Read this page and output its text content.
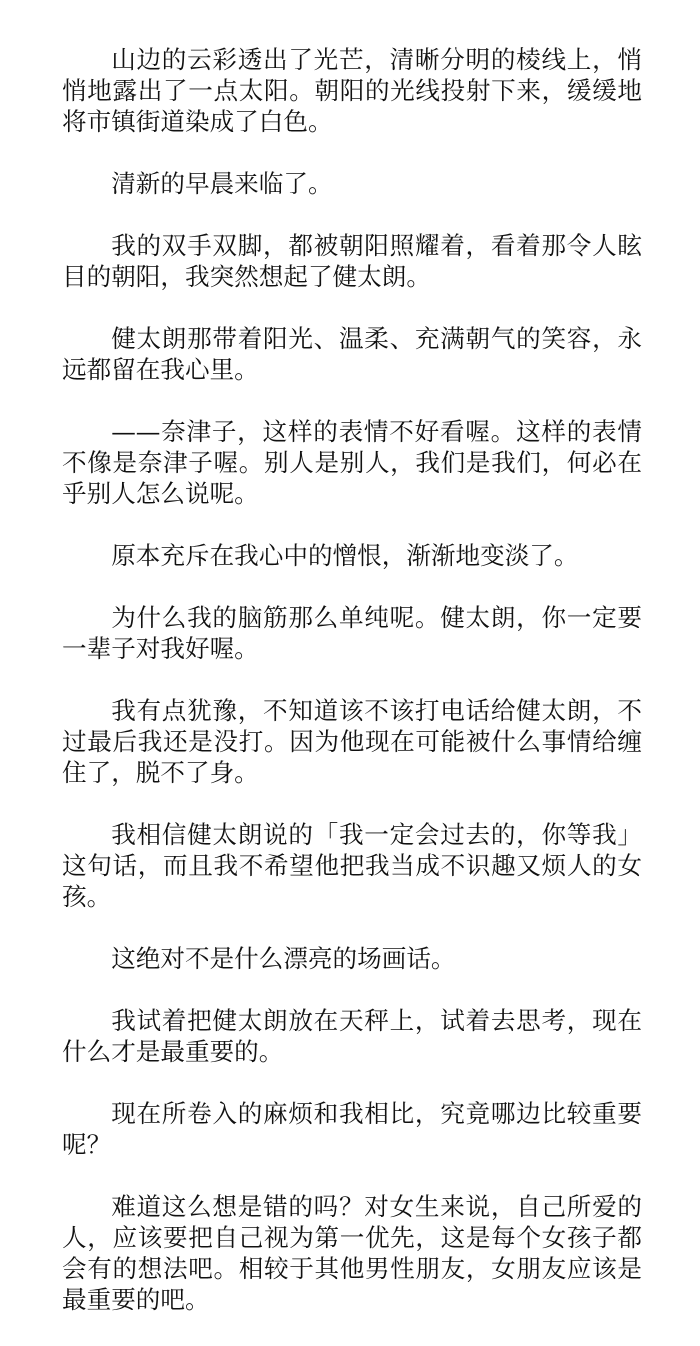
山边的云彩透出了光芒，清晰分明的棱线上，悄悄地露出了一点太阳。朝阳的光线投射下来，缓缓地将市镇街道染成了白色。

清新的早晨来临了。

我的双手双脚，都被朝阳照耀着，看着那令人眩目的朝阳，我突然想起了健太朗。

健太朗那带着阳光、温柔、充满朝气的笑容，永远都留在我心里。

——奈津子，这样的表情不好看喔。这样的表情不像是奈津子喔。别人是别人，我们是我们，何必在乎别人怎么说呢。

原本充斥在我心中的憎恨，渐渐地变淡了。

为什么我的脑筋那么单纯呢。健太朗，你一定要一辈子对我好喔。

我有点犹豫，不知道该不该打电话给健太朗，不过最后我还是没打。因为他现在可能被什么事情给缠住了，脱不了身。

我相信健太朗说的「我一定会过去的，你等我」这句话，而且我不希望他把我当成不识趣又烦人的女孩。

这绝对不是什么漂亮的场画话。

我试着把健太朗放在天秤上，试着去思考，现在什么才是最重要的。

现在所卷入的麻烦和我相比，究竟哪边比较重要呢？

难道这么想是错的吗？对女生来说，自己所爱的人，应该要把自己视为第一优先，这是每个女孩子都会有的想法吧。相较于其他男性朋友，女朋友应该是最重要的吧。
